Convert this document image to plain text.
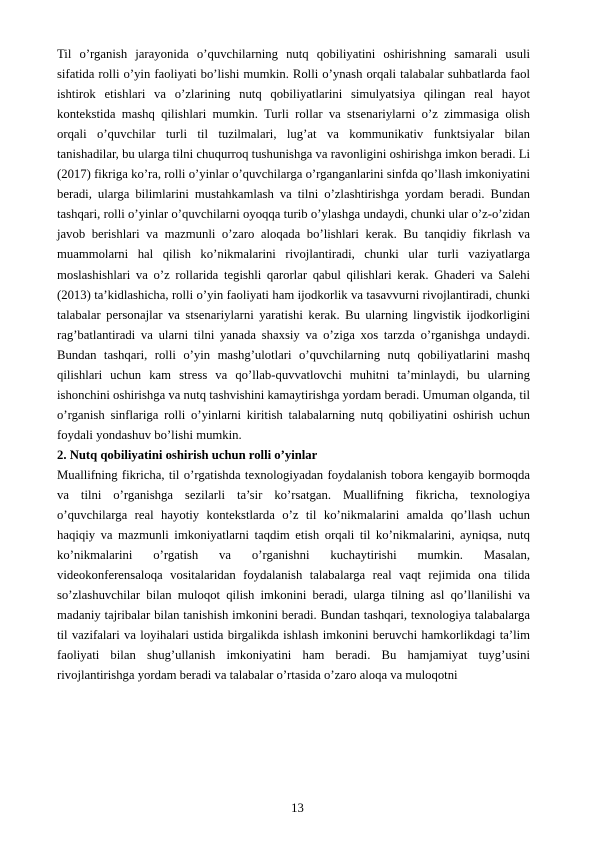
Til o’rganish jarayonida o’quvchilarning nutq qobiliyatini oshirishning samarali usuli sifatida rolli o’yin faoliyati bo’lishi mumkin. Rolli o’ynash orqali talabalar suhbatlarda faol ishtirok etishlari va o’zlarining nutq qobiliyatlarini simulyatsiya qilingan real hayot kontekstida mashq qilishlari mumkin. Turli rollar va stsenariylarni o’z zimmasiga olish orqali o’quvchilar turli til tuzilmalari, lug’at va kommunikativ funktsiyalar bilan tanishadilar, bu ularga tilni chuqurroq tushunishga va ravonligini oshirishga imkon beradi. Li (2017) fikriga ko’ra, rolli o’yinlar o’quvchilarga o’rganganlarini sinfda qo’llash imkoniyatini beradi, ularga bilimlarini mustahkamlash va tilni o’zlashtirishga yordam beradi. Bundan tashqari, rolli o’yinlar o’quvchilarni oyoqqa turib o’ylashga undaydi, chunki ular o’z-o’zidan javob berishlari va mazmunli o’zaro aloqada bo’lishlari kerak. Bu tanqidiy fikrlash va muammolarni hal qilish ko’nikmalarini rivojlantiradi, chunki ular turli vaziyatlarga moslashishlari va o’z rollarida tegishli qarorlar qabul qilishlari kerak. Ghaderi va Salehi (2013) ta’kidlashicha, rolli o’yin faoliyati ham ijodkorlik va tasavvurni rivojlantiradi, chunki talabalar personajlar va stsenariylarni yaratishi kerak. Bu ularning lingvistik ijodkorligini rag’batlantiradi va ularni tilni yanada shaxsiy va o’ziga xos tarzda o’rganishga undaydi. Bundan tashqari, rolli o’yin mashg’ulotlari o’quvchilarning nutq qobiliyatlarini mashq qilishlari uchun kam stress va qo’llab-quvvatlovchi muhitni ta’minlaydi, bu ularning ishonchini oshirishga va nutq tashvishini kamaytirishga yordam beradi. Umuman olganda, til o’rganish sinflariga rolli o’yinlarni kiritish talabalarning nutq qobiliyatini oshirish uchun foydali yondashuv bo’lishi mumkin.

2. Nutq qobiliyatini oshirish uchun rolli o’yinlar

Muallifning fikricha, til o’rgatishda texnologiyadan foydalanish tobora kengayib bormoqda va tilni o’rganishga sezilarli ta’sir ko’rsatgan. Muallifning fikricha, texnologiya o’quvchilarga real hayotiy kontekstlarda o’z til ko’nikmalarini amalda qo’llash uchun haqiqiy va mazmunli imkoniyatlarni taqdim etish orqali til ko’nikmalarini, ayniqsa, nutq ko’nikmalarini o’rgatish va o’rganishni kuchaytirishi mumkin. Masalan, videokonferensaloqa vositalaridan foydalanish talabalarga real vaqt rejimida ona tilida so’zlashuvchilar bilan muloqot qilish imkonini beradi, ularga tilning asl qo’llanilishi va madaniy tajribalar bilan tanishish imkonini beradi. Bundan tashqari, texnologiya talabalarga til vazifalari va loyihalari ustida birgalikda ishlash imkonini beruvchi hamkorlikdagi ta’lim faoliyati bilan shug’ullanish imkoniyatini ham beradi. Bu hamjamiyat tuyg’usini rivojlantirishga yordam beradi va talabalar o’rtasida o’zaro aloqa va muloqotni

13
